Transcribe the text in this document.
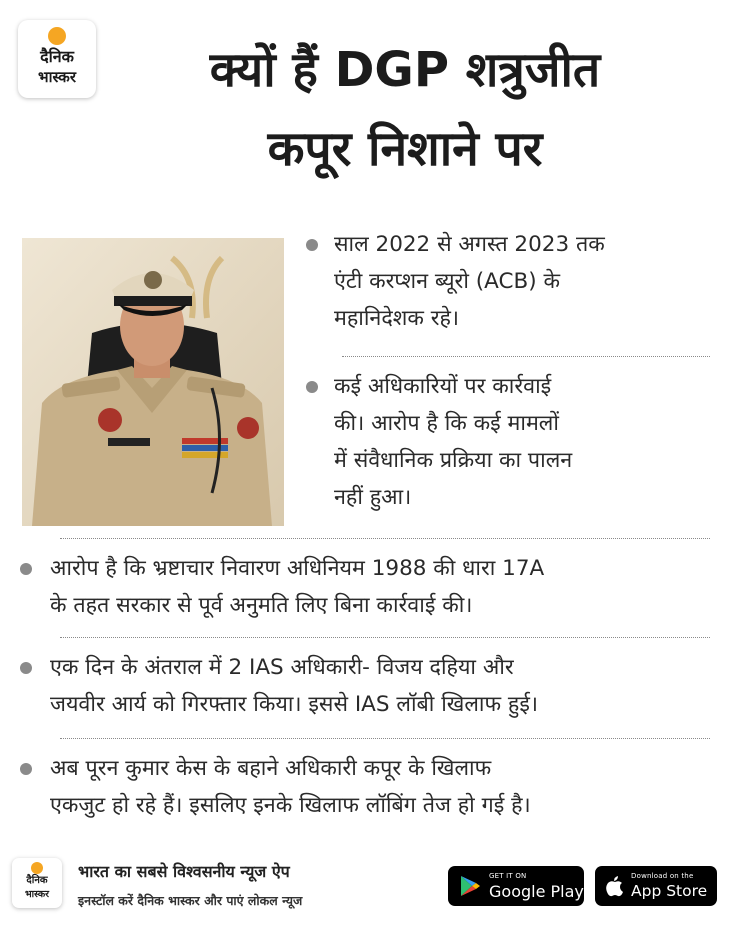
दैनिक
भास्कर	क्यों हैं DGP शत्रुजीत
कपूर निशाने पर
साल 2022 से अगस्त 2023 तक
एंटी करप्शन ब्यूरो (ACB) के
महानिदेशक रहे।
कई अधिकारियों पर कार्रवाई
की। आरोप है कि कई मामलों
में संवैधानिक प्रक्रिया का पालन
नहीं हुआ।
आरोप है कि भ्रष्टाचार निवारण अधिनियम 1988 की धारा 17A
के तहत सरकार से पूर्व अनुमति लिए बिना कार्रवाई की।
एक दिन के अंतराल में 2 IAS अधिकारी- विजय दहिया और
जयवीर आर्य को गिरफ्तार किया। इससे IAS लॉबी खिलाफ हुई।
अब पूरन कुमार केस के बहाने अधिकारी कपूर के खिलाफ
एकजुट हो रहे हैं। इसलिए इनके खिलाफ लॉबिंग तेज हो गई है।
दैनिक
भास्कर
भारत का सबसे विश्वसनीय न्यूज ऐप
इनस्टॉल करें दैनिक भास्कर और पाएं लोकल न्यूज
GET IT ON
Google Play
Download on the
App Store
